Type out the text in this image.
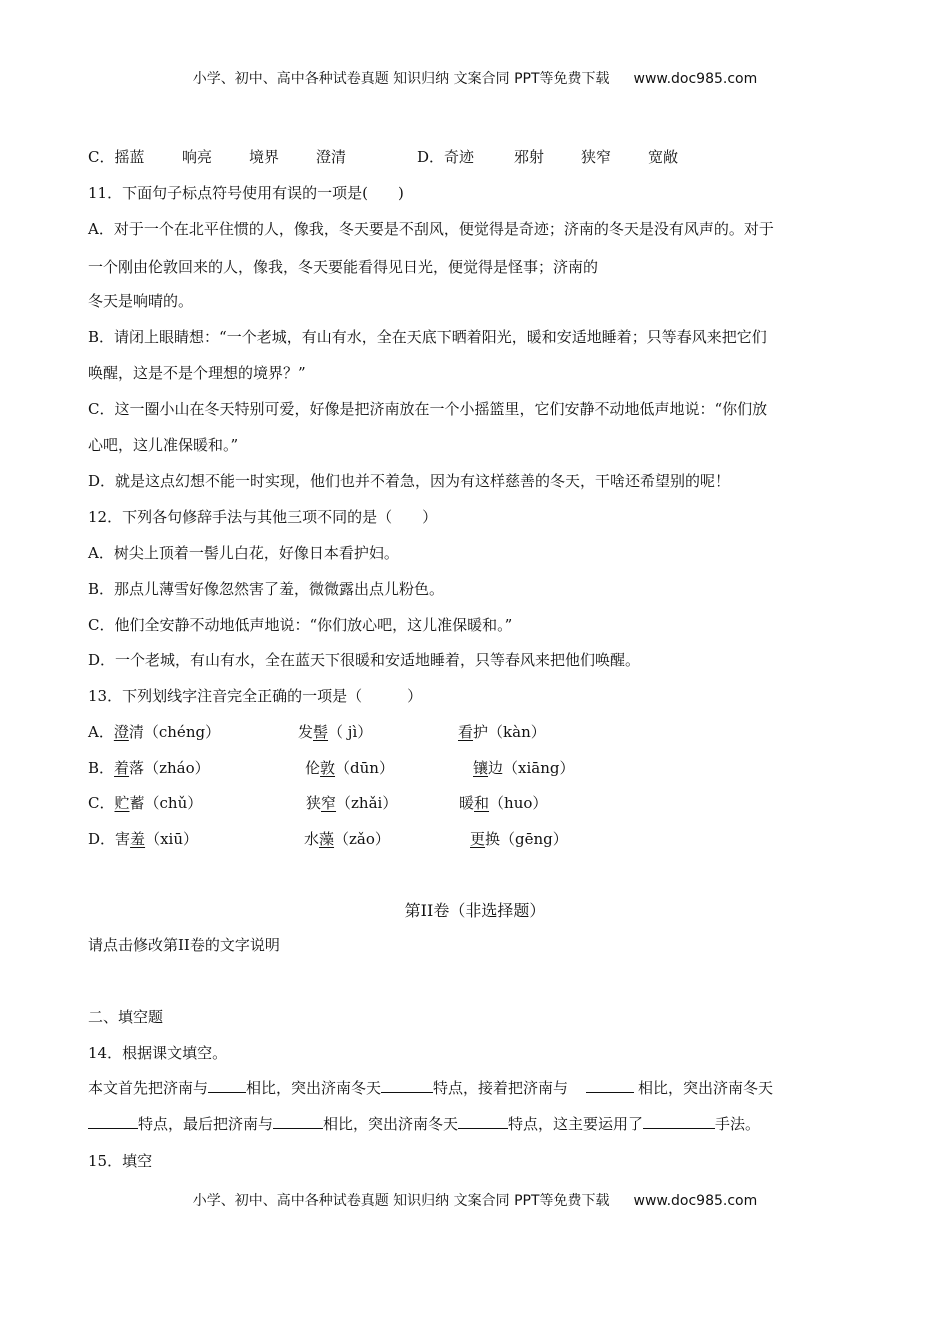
小学、初中、高中各种试卷真题 知识归纳 文案合同 PPT等免费下载 www.doc985.com
C．摇蓝	响亮 境界 澄清	D．奇迹	邪射 狭窄 宽敞
11．下面句子标点符号使用有误的一项是(　　)
A．对于一个在北平住惯的人，像我，冬天要是不刮风，便觉得是奇迹；济南的冬天是没有风声的。对于
一个刚由伦敦回来的人，像我，冬天要能看得见日光，便觉得是怪事；济南的
冬天是响晴的。
B．请闭上眼睛想：“一个老城，有山有水，全在天底下晒着阳光，暖和安适地睡着；只等春风来把它们
唤醒，这是不是个理想的境界？”
C．这一圈小山在冬天特别可爱，好像是把济南放在一个小摇篮里，它们安静不动地低声地说：“你们放
心吧，这儿准保暖和。”
D．就是这点幻想不能一时实现，他们也并不着急，因为有这样慈善的冬天，干啥还希望别的呢！
12．下列各句修辞手法与其他三项不同的是（　　）
A．树尖上顶着一髻儿白花，好像日本看护妇。
B．那点儿薄雪好像忽然害了羞，微微露出点儿粉色。
C．他们全安静不动地低声地说：“你们放心吧，这儿准保暖和。”
D．一个老城，有山有水，全在蓝天下很暖和安适地睡着，只等春风来把他们唤醒。
13．下列划线字注音完全正确的一项是（　　　）
A．澄清（chéng）	发髻（ jì）	看护（kàn）
B．着落（zháo）	伦敦（dūn）	镶边（xiāng）
C．贮蓄（chǔ）	狭窄（zhǎi）	暖和（huo）
D．害羞（xiū）	水藻（zǎo）	更换（gēng）
第II卷（非选择题）
请点击修改第II卷的文字说明
二、填空题
14．根据课文填空。
本文首先把济南与	相比，突出济南冬天	特点，接着把济南与	相比，突出济南冬天
特点，最后把济南与	相比，突出济南冬天	特点，这主要运用了	手法。
15．填空
小学、初中、高中各种试卷真题 知识归纳 文案合同 PPT等免费下载 www.doc985.com
